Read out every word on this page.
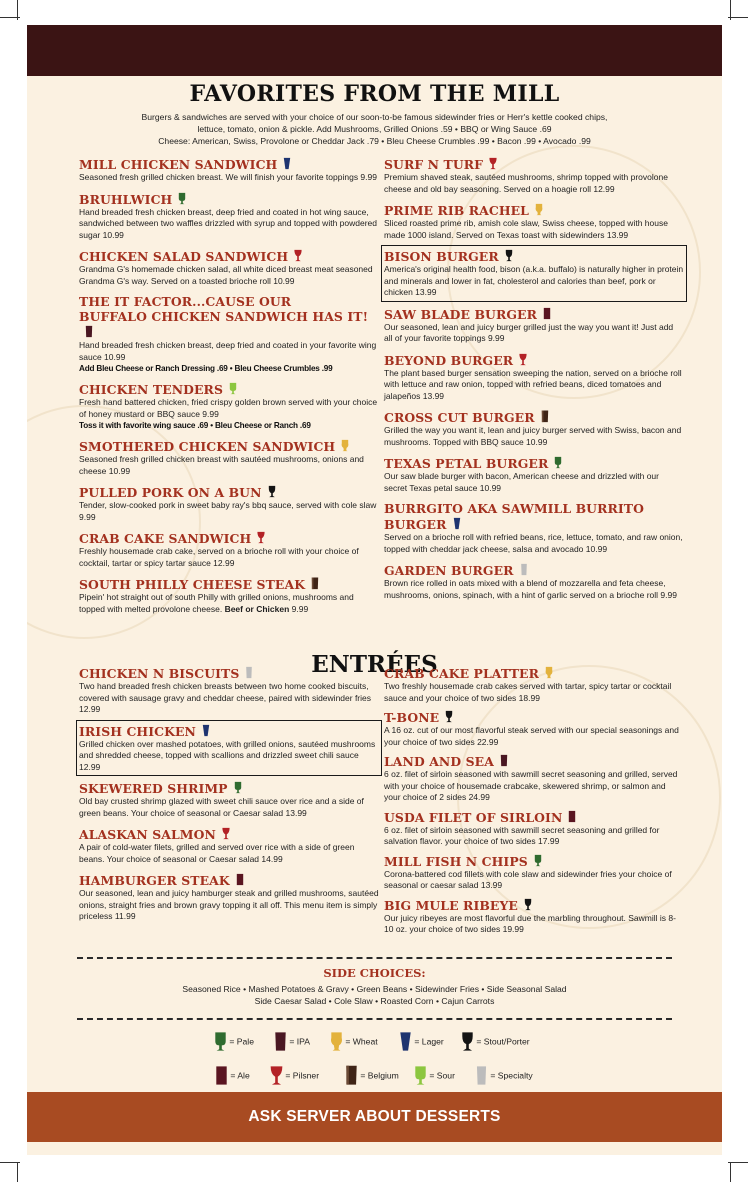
FAVORITES FROM THE MILL
Burgers & sandwiches are served with your choice of our soon-to-be famous sidewinder fries or Herr's kettle cooked chips,
lettuce, tomato, onion & pickle. Add Mushrooms, Grilled Onions .59 • BBQ or Wing Sauce .69
Cheese: American, Swiss, Provolone or Cheddar Jack .79 • Bleu Cheese Crumbles .99 • Bacon .99 • Avocado .99
MILL CHICKEN SANDWICH
Seasoned fresh grilled chicken breast. We will finish your favorite toppings 9.99
BRUHLWICH
Hand breaded fresh chicken breast, deep fried and coated in hot wing sauce, sandwiched between two waffles drizzled with syrup and topped with powdered sugar 10.99
CHICKEN SALAD SANDWICH
Grandma G's homemade chicken salad, all white diced breast meat seasoned Grandma G's way. Served on a toasted brioche roll 10.99
THE IT FACTOR...CAUSE OUR
BUFFALO CHICKEN SANDWICH HAS IT!
Hand breaded fresh chicken breast, deep fried and coated in your favorite wing sauce 10.99
Add Bleu Cheese or Ranch Dressing .69 • Bleu Cheese Crumbles .99
CHICKEN TENDERS
Fresh hand battered chicken, fried crispy golden brown served with your choice of honey mustard or BBQ sauce 9.99
Toss it with favorite wing sauce .69 • Bleu Cheese or Ranch .69
SMOTHERED CHICKEN SANDWICH
Seasoned fresh grilled chicken breast with sautéed mushrooms, onions and cheese 10.99
PULLED PORK ON A BUN
Tender, slow-cooked pork in sweet baby ray's bbq sauce, served with cole slaw 9.99
CRAB CAKE SANDWICH
Freshly housemade crab cake, served on a brioche roll with your choice of cocktail, tartar or spicy tartar sauce 12.99
SOUTH PHILLY CHEESE STEAK
Pipein' hot straight out of south Philly with grilled onions, mushrooms and topped with melted provolone cheese. Beef or Chicken 9.99
SURF N TURF
Premium shaved steak, sautéed mushrooms, shrimp topped with provolone cheese and old bay seasoning. Served on a hoagie roll 12.99
PRIME RIB RACHEL
Sliced roasted prime rib, amish cole slaw, Swiss cheese, topped with house made 1000 island. Served on Texas toast with sidewinders 13.99
BISON BURGER
America's original health food, bison (a.k.a. buffalo) is naturally higher in protein and minerals and lower in fat, cholesterol and calories than beef, pork or chicken 13.99
SAW BLADE BURGER
Our seasoned, lean and juicy burger grilled just the way you want it! Just add all of your favorite toppings 9.99
BEYOND BURGER
The plant based burger sensation sweeping the nation, served on a brioche roll with lettuce and raw onion, topped with refried beans, diced tomatoes and jalapeños 13.99
CROSS CUT BURGER
Grilled the way you want it, lean and juicy burger served with Swiss, bacon and mushrooms. Topped with BBQ sauce 10.99
TEXAS PETAL BURGER
Our saw blade burger with bacon, American cheese and drizzled with our secret Texas petal sauce 10.99
BURRGITO AKA SAWMILL BURRITO BURGER
Served on a brioche roll with refried beans, rice, lettuce, tomato, and raw onion, topped with cheddar jack cheese, salsa and avocado 10.99
GARDEN BURGER
Brown rice rolled in oats mixed with a blend of mozzarella and feta cheese, mushrooms, onions, spinach, with a hint of garlic served on a brioche roll 9.99
ENTRÉES
CHICKEN N BISCUITS
Two hand breaded fresh chicken breasts between two home cooked biscuits, covered with sausage gravy and cheddar cheese, paired with sidewinder fries 12.99
IRISH CHICKEN
Grilled chicken over mashed potatoes, with grilled onions, sautéed mushrooms and shredded cheese, topped with scallions and drizzled sweet chili sauce 12.99
SKEWERED SHRIMP
Old bay crusted shrimp glazed with sweet chili sauce over rice and a side of green beans. Your choice of seasonal or Caesar salad 13.99
ALASKAN SALMON
A pair of cold-water filets, grilled and served over rice with a side of green beans. Your choice of seasonal or Caesar salad 14.99
HAMBURGER STEAK
Our seasoned, lean and juicy hamburger steak and grilled mushrooms, sautéed onions, straight fries and brown gravy topping it all off. This menu item is simply priceless 11.99
CRAB CAKE PLATTER
Two freshly housemade crab cakes served with tartar, spicy tartar or cocktail sauce and your choice of two sides 18.99
T-BONE
A 16 oz. cut of our most flavorful steak served with our special seasonings and your choice of two sides 22.99
LAND AND SEA
6 oz. filet of sirloin seasoned with sawmill secret seasoning and grilled, served with your choice of housemade crabcake, skewered shrimp, or salmon and your choice of 2 sides 24.99
USDA FILET OF SIRLOIN
6 oz. filet of sirloin seasoned with sawmill secret seasoning and grilled for salvation flavor. your choice of two sides 17.99
MILL FISH N CHIPS
Corona-battered cod fillets with cole slaw and sidewinder fries your choice of seasonal or caesar salad 13.99
BIG MULE RIBEYE
Our juicy ribeyes are most flavorful due the marbling throughout. Sawmill is 8-10 oz. your choice of two sides 19.99
SIDE CHOICES:
Seasoned Rice • Mashed Potatoes & Gravy • Green Beans • Sidewinder Fries • Side Seasonal Salad
Side Caesar Salad • Cole Slaw • Roasted Corn • Cajun Carrots
= Pale	= IPA	= Wheat	= Lager	= Stout/Porter
= Ale	= Pilsner	= Belgium	= Sour	= Specialty
ASK SERVER ABOUT DESSERTS
